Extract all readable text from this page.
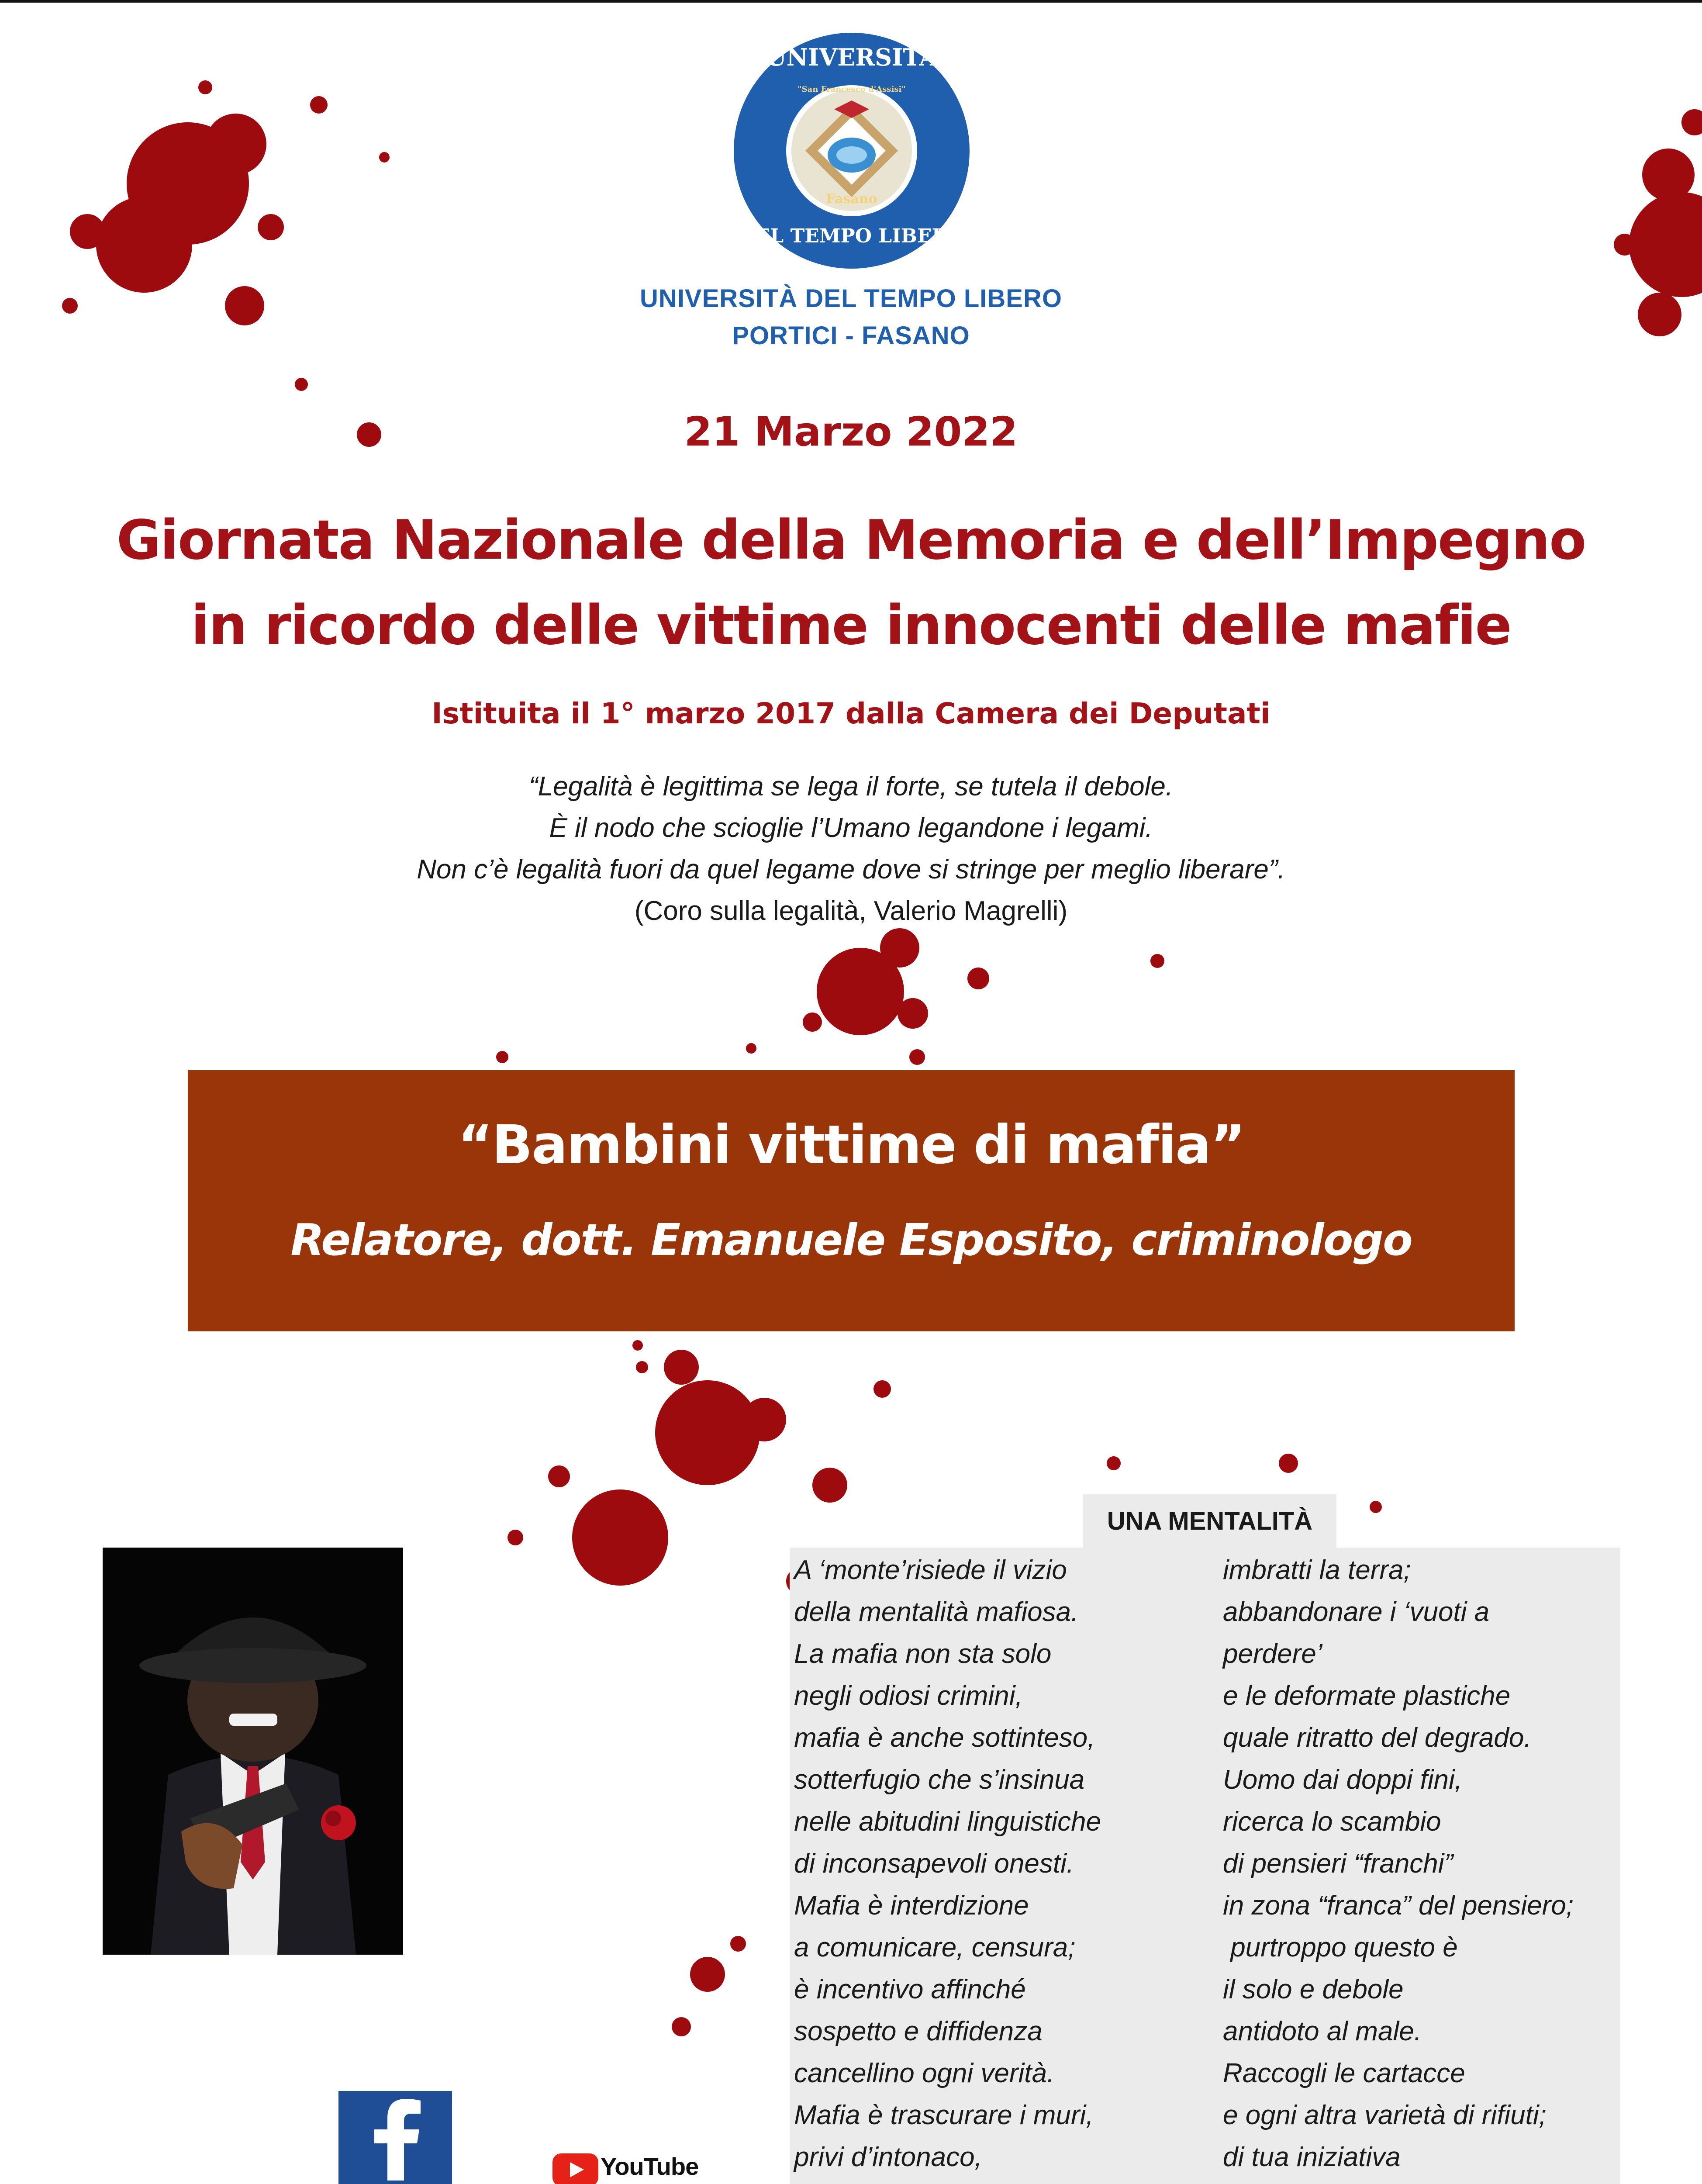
UNIVERSITÀ
"San Francesco d'Assisi"
Fasano
DEL TEMPO LIBERO
UNIVERSITÀ DEL TEMPO LIBERO
PORTICI - FASANO
21 Marzo 2022
Giornata Nazionale della Memoria e dell’Impegno
in ricordo delle vittime innocenti delle mafie
Istituita il 1° marzo 2017 dalla Camera dei Deputati
“Legalità è legittima se lega il forte, se tutela il debole.
È il nodo che scioglie l’Umano legandone i legami.
Non c’è legalità fuori da quel legame dove si stringe per meglio liberare”.
(Coro sulla legalità, Valerio Magrelli)
“Bambini vittime di mafia”
Relatore, dott. Emanuele Esposito, criminologo
UNA MENTALITÀ
A ‘monte’risiede il vizio
della mentalità mafiosa.
La mafia non sta solo
negli odiosi crimini,
mafia è anche sottinteso,
sotterfugio che s’insinua
nelle abitudini linguistiche
di inconsapevoli onesti.
Mafia è interdizione
a comunicare, censura;
è incentivo affinché
sospetto e diffidenza
cancellino ogni verità.
Mafia è trascurare i muri,
privi d’intonaco,

imbratti la terra;
abbandonare i ‘vuoti a
perdere’
e le deformate plastiche
quale ritratto del degrado.
Uomo dai doppi fini,
ricerca lo scambio
di pensieri “franchi”
in zona “franca” del pensiero;
purtroppo questo è
il solo e debole
antidoto al male.
Raccogli le cartacce
e ogni altra varietà di rifiuti;
di tua iniziativa

YouTube
